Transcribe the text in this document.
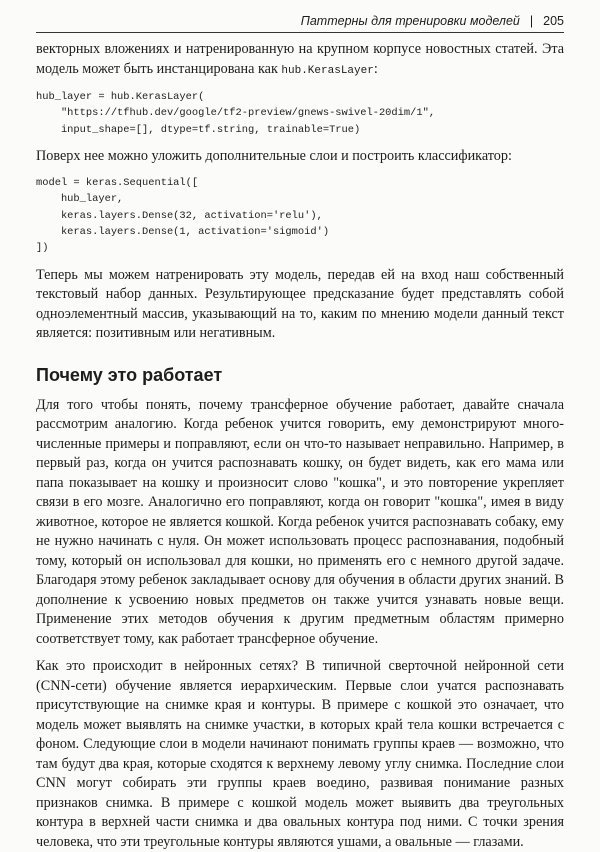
Паттерны для тренировки моделей | 205

векторных вложениях и натренированную на крупном корпусе новостных статей. Эта модель может быть инстанцирована как hub.KerasLayer:

hub_layer = hub.KerasLayer(
"https://tfhub.dev/google/tf2-preview/gnews-swivel-20dim/1",
input_shape=[], dtype=tf.string, trainable=True)

Поверх нее можно уложить дополнительные слои и построить классификатор:

model = keras.Sequential([
hub_layer,
keras.layers.Dense(32, activation='relu'),
keras.layers.Dense(1, activation='sigmoid')
])

Теперь мы можем натренировать эту модель, передав ей на вход наш собственный текстовый набор данных. Результирующее предсказание будет представлять собой одноэлементный массив, указывающий на то, каким по мнению модели данный текст является: позитивным или негативным.

Почему это работает

Для того чтобы понять, почему трансферное обучение работает, давайте сначала рассмотрим аналогию. Когда ребенок учится говорить, ему демонстрируют многочисленные примеры и поправляют, если он что-то называет неправильно. Например, в первый раз, когда он учится распознавать кошку, он будет видеть, как его мама или папа показывает на кошку и произносит слово "кошка", и это повторение укрепляет связи в его мозге. Аналогично его поправляют, когда он говорит "кошка", имея в виду животное, которое не является кошкой. Когда ребенок учится распознавать собаку, ему не нужно начинать с нуля. Он может использовать процесс распознавания, подобный тому, который он использовал для кошки, но применять его с немного другой задаче. Благодаря этому ребенок закладывает основу для обучения в области других знаний. В дополнение к усвоению новых предметов он также учится узнавать новые вещи. Применение этих методов обучения к другим предметным областям примерно соответствует тому, как работает трансферное обучение.

Как это происходит в нейронных сетях? В типичной сверточной нейронной сети (CNN-сети) обучение является иерархическим. Первые слои учатся распознавать присутствующие на снимке края и контуры. В примере с кошкой это означает, что модель может выявлять на снимке участки, в которых край тела кошки встречается с фоном. Следующие слои в модели начинают понимать группы краев — возможно, что там будут два края, которые сходятся к верхнему левому углу снимка. Последние слои CNN могут собирать эти группы краев воедино, развивая понимание разных признаков снимка. В примере с кошкой модель может выявить два треугольных контура в верхней части снимка и два овальных контура под ними. С точки зрения человека, что эти треугольные контуры являются ушами, а овальные — глазами.
